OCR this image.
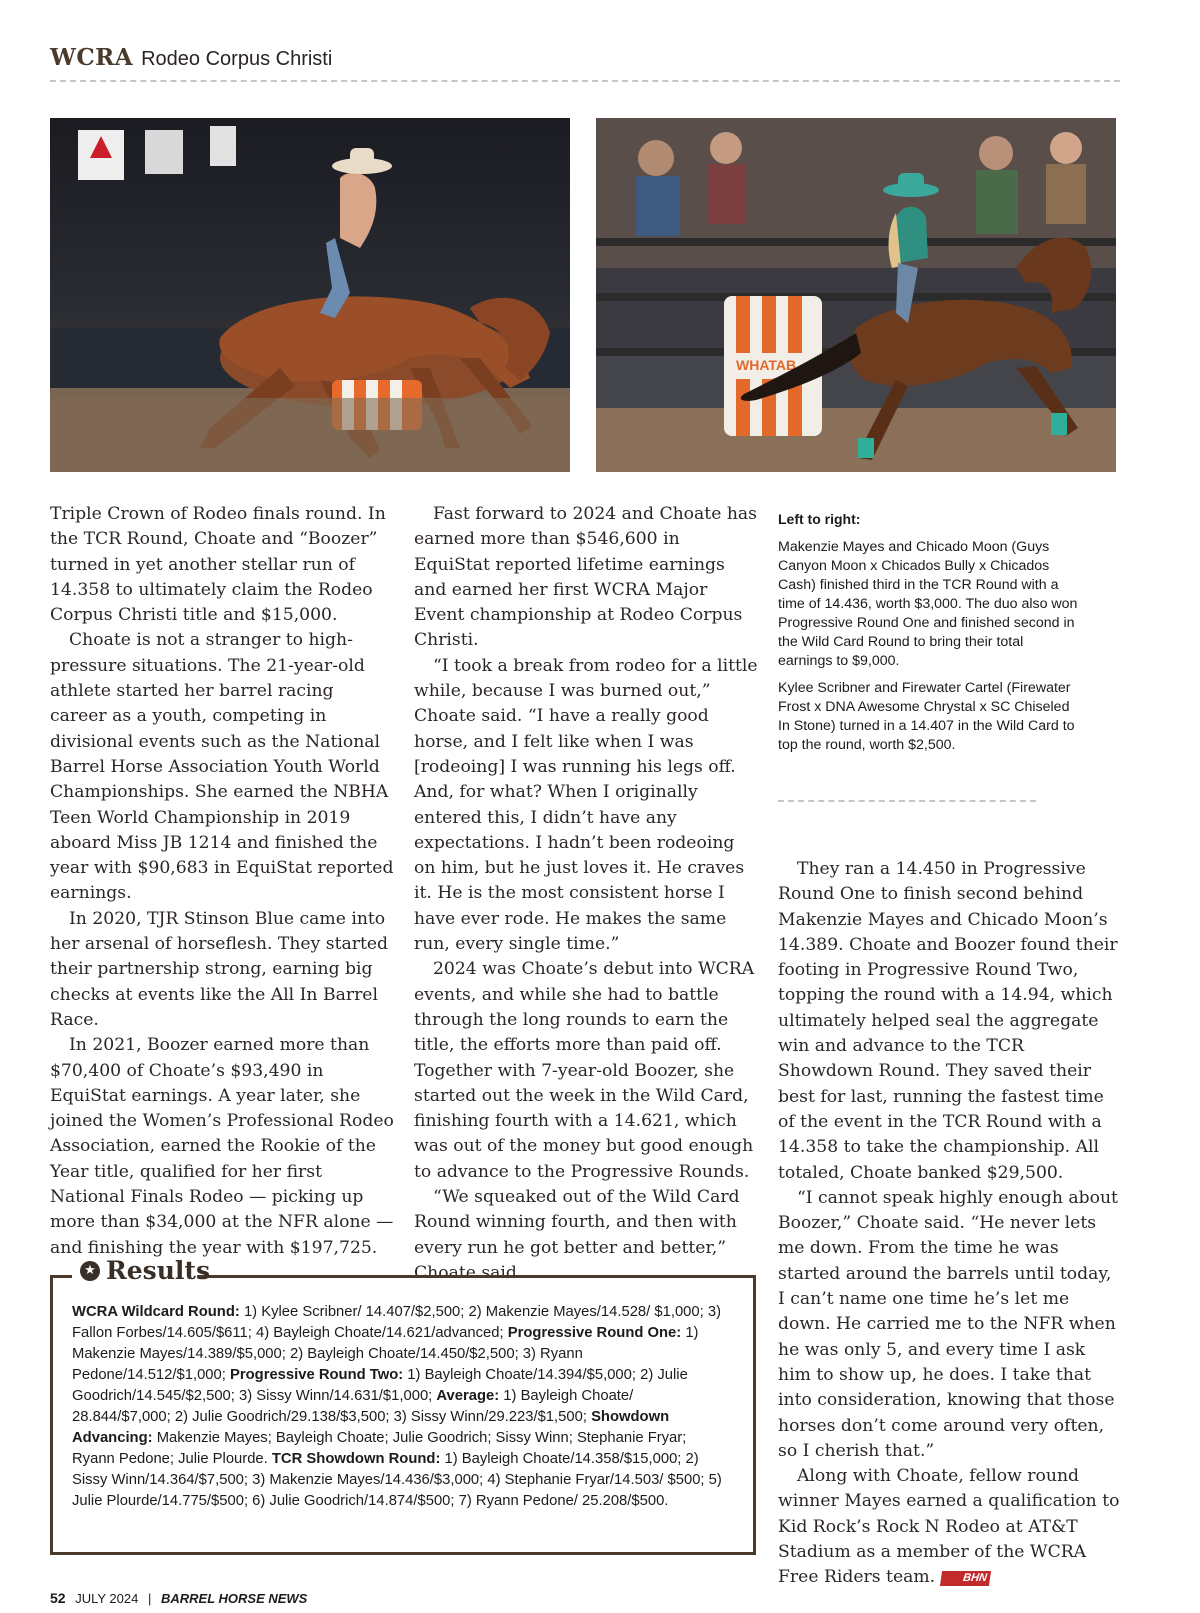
WCRA Rodeo Corpus Christi
WHATAB

Triple Crown of Rodeo finals round. In the TCR Round, Choate and “Boozer” turned in yet another stellar run of 14.358 to ultimately claim the Rodeo Corpus Christi title and $15,000.

Choate is not a stranger to high-pressure situations. The 21-year-old athlete started her barrel racing career as a youth, competing in divisional events such as the National Barrel Horse Association Youth World Championships. She earned the NBHA Teen World Championship in 2019 aboard Miss JB 1214 and finished the year with $90,683 in EquiStat reported earnings.

In 2020, TJR Stinson Blue came into her arsenal of horseflesh. They started their partnership strong, earning big checks at events like the All In Barrel Race.

In 2021, Boozer earned more than $70,400 of Choate’s $93,490 in EquiStat earnings. A year later, she joined the Women’s Professional Rodeo Association, earned the Rookie of the Year title, qualified for her first National Finals Rodeo — picking up more than $34,000 at the NFR alone — and finishing the year with $197,725.

Fast forward to 2024 and Choate has earned more than $546,600 in EquiStat reported lifetime earnings and earned her first WCRA Major Event championship at Rodeo Corpus Christi.

“I took a break from rodeo for a little while, because I was burned out,” Choate said. “I have a really good horse, and I felt like when I was [rodeoing] I was running his legs off. And, for what? When I originally entered this, I didn’t have any expectations. I hadn’t been rodeoing on him, but he just loves it. He craves it. He is the most consistent horse I have ever rode. He makes the same run, every single time.”

2024 was Choate’s debut into WCRA events, and while she had to battle through the long rounds to earn the title, the efforts more than paid off. Together with 7-year-old Boozer, she started out the week in the Wild Card, finishing fourth with a 14.621, which was out of the money but good enough to advance to the Progressive Rounds.

“We squeaked out of the Wild Card Round winning fourth, and then with every run he got better and better,” Choate said.

Left to right:

Makenzie Mayes and Chicado Moon (Guys Canyon Moon x Chicados Bully x Chicados Cash) finished third in the TCR Round with a time of 14.436, worth $3,000. The duo also won Progressive Round One and finished second in the Wild Card Round to bring their total earnings to $9,000.

Kylee Scribner and Firewater Cartel (Firewater Frost x DNA Awesome Chrystal x SC Chiseled In Stone) turned in a 14.407 in the Wild Card to top the round, worth $2,500.

They ran a 14.450 in Progressive Round One to finish second behind Makenzie Mayes and Chicado Moon’s 14.389. Choate and Boozer found their footing in Progressive Round Two, topping the round with a 14.94, which ultimately helped seal the aggregate win and advance to the TCR Showdown Round. They saved their best for last, running the fastest time of the event in the TCR Round with a 14.358 to take the championship. All totaled, Choate banked $29,500.

“I cannot speak highly enough about Boozer,” Choate said. “He never lets me down. From the time he was started around the barrels until today, I can’t name one time he’s let me down. He carried me to the NFR when he was only 5, and every time I ask him to show up, he does. I take that into consideration, knowing that those horses don’t come around very often, so I cherish that.”

Along with Choate, fellow round winner Mayes earned a qualification to Kid Rock’s Rock N Rodeo at AT&T Stadium as a member of the WCRA Free Riders team. BHN

★ Results
WCRA Wildcard Round: 1) Kylee Scribner/ 14.407/$2,500; 2) Makenzie Mayes/14.528/ $1,000; 3) Fallon Forbes/14.605/$611; 4) Bayleigh Choate/14.621/advanced; Progressive Round One: 1) Makenzie Mayes/14.389/$5,000; 2) Bayleigh Choate/14.450/$2,500; 3) Ryann Pedone/14.512/$1,000; Progressive Round Two: 1) Bayleigh Choate/14.394/$5,000; 2) Julie Goodrich/14.545/$2,500; 3) Sissy Winn/14.631/$1,000; Average: 1) Bayleigh Choate/ 28.844/$7,000; 2) Julie Goodrich/29.138/$3,500; 3) Sissy Winn/29.223/$1,500; Showdown Advancing: Makenzie Mayes; Bayleigh Choate; Julie Goodrich; Sissy Winn; Stephanie Fryar; Ryann Pedone; Julie Plourde. TCR Showdown Round: 1) Bayleigh Choate/14.358/$15,000; 2) Sissy Winn/14.364/$7,500; 3) Makenzie Mayes/14.436/$3,000; 4) Stephanie Fryar/14.503/ $500; 5) Julie Plourde/14.775/$500; 6) Julie Goodrich/14.874/$500; 7) Ryann Pedone/ 25.208/$500.
52 JULY 2024 | BARREL HORSE NEWS
